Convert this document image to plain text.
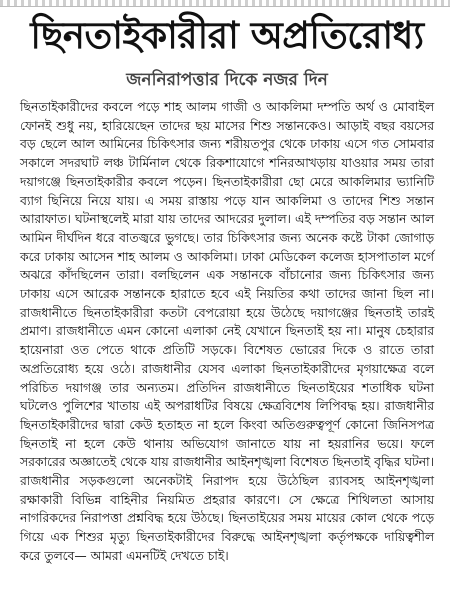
ছিনতাইকারীরা অপ্রতিরোধ্য
জননিরাপত্তার দিকে নজর দিন

ছিনতাইকারীদের কবলে পড়ে শাহ আলম গাজী ও আকলিমা দম্পতি অর্থ ও মোবাইল ফোনই শুধু নয়, হারিয়েছেন তাদের ছয় মাসের শিশু সন্তানকেও। আড়াই বছর বয়সের বড় ছেলে আল আমিনের চিকিৎসার জন্য শরীয়তপুর থেকে ঢাকায় এসে গত সোমবার সকালে সদরঘাট লঞ্চ টার্মিনাল থেকে রিকশাযোগে শনিরআখড়ায় যাওয়ার সময় তারা দয়াগঞ্জে ছিনতাইকারীর কবলে পড়েন। ছিনতাইকারীরা ছো মেরে আকলিমার ভ্যানিটি ব্যাগ ছিনিয়ে নিয়ে যায়। এ সময় রাস্তায় পড়ে যান আকলিমা ও তাদের শিশু সন্তান আরাফাত। ঘটনাস্থলেই মারা যায় তাদের আদরের দুলাল। এই দম্পতির বড় সন্তান আল আমিন দীর্ঘদিন ধরে বাতজ্বরে ভুগছে। তার চিকিৎসার জন্য অনেক কষ্টে টাকা জোগাড় করে ঢাকায় আসেন শাহ আলম ও আকলিমা। ঢাকা মেডিকেল কলেজ হাসপাতাল মর্গে অঝরে কাঁদছিলেন তারা। বলছিলেন এক সন্তানকে বাঁচানোর জন্য চিকিৎসার জন্য ঢাকায় এসে আরেক সন্তানকে হারাতে হবে এই নিয়তির কথা তাদের জানা ছিল না। রাজধানীতে ছিনতাইকারীরা কতটা বেপরোয়া হয়ে উঠেছে দয়াগঞ্জের ছিনতাই তারই প্রমাণ। রাজধানীতে এমন কোনো এলাকা নেই যেখানে ছিনতাই হয় না। মানুষ চেহারার হায়েনারা ওত পেতে থাকে প্রতিটি সড়কে। বিশেষত ভোরের দিকে ও রাতে তারা অপ্রতিরোধ্য হয়ে ওঠে। রাজধানীর যেসব এলাকা ছিনতাইকারীদের মৃগয়াক্ষেত্র বলে পরিচিত দয়াগঞ্জ তার অন্যতম। প্রতিদিন রাজধানীতে ছিনতাইয়ের শতাধিক ঘটনা ঘটলেও পুলিশের খাতায় এই অপরাধটির বিষয়ে ক্ষেত্রবিশেষ লিপিবদ্ধ হয়। রাজধানীর ছিনতাইকারীদের দ্বারা কেউ হতাহত না হলে কিংবা অতিগুরুত্বপূর্ণ কোনো জিনিসপত্র ছিনতাই না হলে কেউ থানায় অভিযোগ জানাতে যায় না হয়রানির ভয়ে। ফলে সরকারের অজ্ঞাতেই থেকে যায় রাজধানীর আইনশৃঙ্খলা বিশেষত ছিনতাই বৃদ্ধির ঘটনা। রাজধানীর সড়কগুলো অনেকটাই নিরাপদ হয়ে উঠেছিল র‌্যাবসহ আইনশৃঙ্খলা রক্ষাকারী বিভিন্ন বাহিনীর নিয়মিত প্রহরার কারণে। সে ক্ষেত্রে শিথিলতা আসায় নাগরিকদের নিরাপত্তা প্রশ্নবিদ্ধ হয়ে উঠছে। ছিনতাইয়ের সময় মায়ের কোল থেকে পড়ে গিয়ে এক শিশুর মৃত্যু ছিনতাইকারীদের বিরুদ্ধে আইনশৃঙ্খলা কর্তৃপক্ষকে দায়িত্বশীল করে তুলবে— আমরা এমনটিই দেখতে চাই।
